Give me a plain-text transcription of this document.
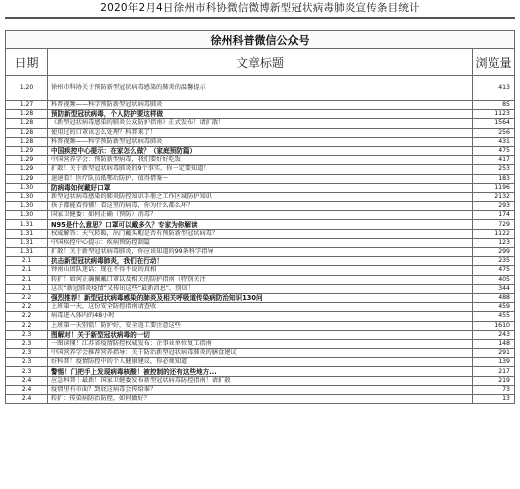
2020年2月4日徐州市科协微信微博新型冠状病毒肺炎宣传条目统计
徐州科普微信公众号		
日期	文章标题	浏览量
1.20	徐州市科协关于预防新型冠状病毒感染的肺炎的温馨提示	413
1.27	科普视频——科学预防新型冠状病毒肺炎	85
1.28	预防新型冠状病毒，个人防护要这样做	1123
1.28	《新型冠状病毒感染的肺炎公众防护指南》正式发布！请扩散！	1564
1.28	使用过的口罩该怎么处理？科普来了！	256
1.28	科普视频——科学预防新型冠状病毒肺炎	431
1.29	中国疾控中心提示：在家怎么做？（家庭预防篇）	475
1.29	中国营养学会：预防新型病毒，我们要好好吃饭	417
1.29	扩散！关于新型冠状病毒肺炎的9个事实，你一定要知道！	253
1.29	速速看！医疗队员抵鄂后防护，值得借鉴～	183
1.30	防病毒如何戴好口罩	1196
1.30	新型冠状病毒感染的肺炎防控知识手册之工作区域防护知识	2132
1.30	孩子都能看得懂！看这里的病毒，你为什么都么坏？	293
1.30	国家卫健委：如何正确（预防）消毒？	174
1.31	N95是什么意思？口罩可以戴多久？专家为你解读	729
1.31	权威解答：天气转暖，出门戴头帽是否有预防新型冠状病毒？	1122
1.31	中国疾控中心提示：疾病预防控制篇	123
1.31	扩散！关于新型冠状病毒肺炎，你应该知道的99条科学指导	299
2.1	抗击新型冠状病毒肺炎，我们在行动！	235
2.1	钟南山团队迷话：现在不得不说的真相	475
2.1	转扩！如何正确佩戴口罩以及相关的防护指南（特别关注	405
2.1	这次“新冠肺炎疫情”又传出这些“最新消息”，别信！	344
2.2	强烈推荐！新型冠状病毒感染的肺炎及相关呼吸道传染病防治知识130问	488
2.2	上班第一天，这份安全防控指南请查收	459
2.2	病毒进入体内的48小时	455
2.2	上班第一天别慌！防护好，安全返工要注意这些	1610
2.3	图解对！关于新型冠状病毒的一切	243
2.3	一图读懂！江苏省疫情防控权威发布：企事业单位复工指南	148
2.3	中国营养学会推荐营养指导：关于防治新型冠状病毒肺炎的膳食建议	291
2.3	好科普！疫情防控中的个人健康建议，你必须知道	139
2.3	警惕！门把手上发现病毒核酸！被控制的还有这些地方...	217
2.4	应急科普｜最新！国家卫健委发布新型冠状病毒防控指南！请扩散	219
2.4	疫情里有市面？到底这病毒会传给谁？	73
2.4	转扩：传染病防治防控，如何做好？	13
